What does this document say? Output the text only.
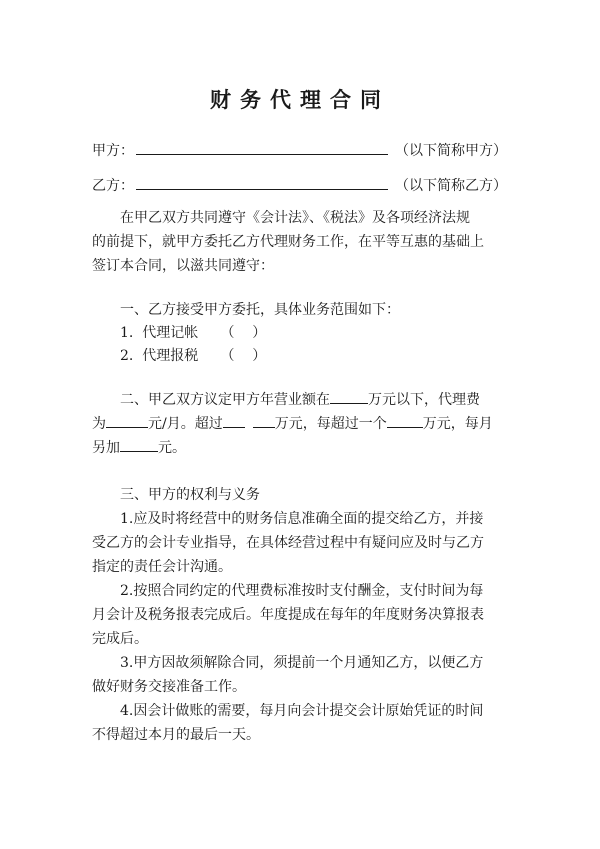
财务代理合同
甲方：	（以下简称甲方）
乙方：	（以下简称乙方）
在甲乙双方共同遵守《会计法》、《税法》及各项经济法规
的前提下，就甲方委托乙方代理财务工作，在平等互惠的基础上
签订本合同，以滋共同遵守：
一、乙方接受甲方委托，具体业务范围如下：
1.  代理记帐     （    ）
2.  代理报税     （    ）
二、甲乙双方议定甲方年营业额在	万元以下，代理费
为	元/月。超过	万元，每超过一个	万元，每月
另加	元。
三、甲方的权利与义务
1.应及时将经营中的财务信息准确全面的提交给乙方，并接
受乙方的会计专业指导，在具体经营过程中有疑问应及时与乙方
指定的责任会计沟通。
2.按照合同约定的代理费标准按时支付酬金，支付时间为每
月会计及税务报表完成后。年度提成在每年的年度财务决算报表
完成后。
3.甲方因故须解除合同，须提前一个月通知乙方，以便乙方
做好财务交接准备工作。
4.因会计做账的需要，每月向会计提交会计原始凭证的时间
不得超过本月的最后一天。
